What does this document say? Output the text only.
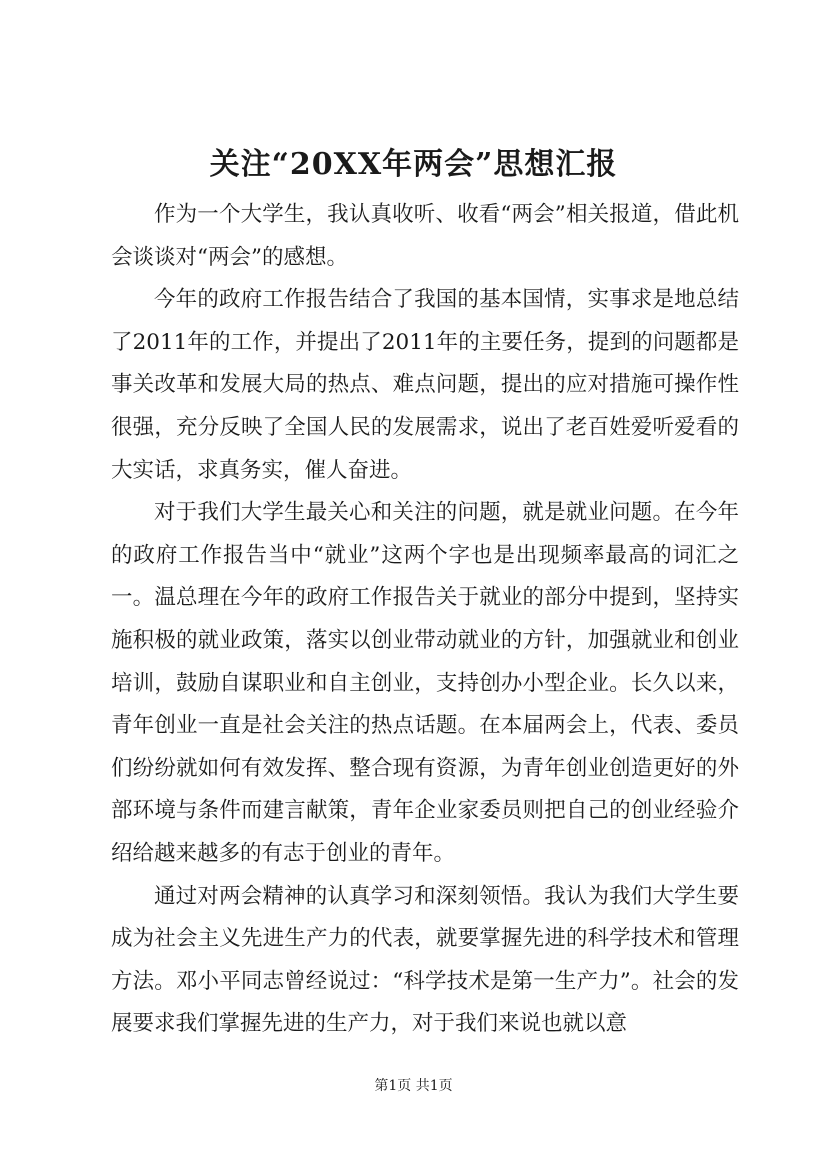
关注“20XX年两会”思想汇报

作为一个大学生，我认真收听、收看“两会”相关报道，借此机会谈谈对“两会”的感想。

今年的政府工作报告结合了我国的基本国情，实事求是地总结了2011年的工作，并提出了2011年的主要任务，提到的问题都是事关改革和发展大局的热点、难点问题，提出的应对措施可操作性很强，充分反映了全国人民的发展需求，说出了老百姓爱听爱看的大实话，求真务实，催人奋进。

对于我们大学生最关心和关注的问题，就是就业问题。在今年的政府工作报告当中“就业”这两个字也是出现频率最高的词汇之一。温总理在今年的政府工作报告关于就业的部分中提到，坚持实施积极的就业政策，落实以创业带动就业的方针，加强就业和创业培训，鼓励自谋职业和自主创业，支持创办小型企业。长久以来，青年创业一直是社会关注的热点话题。在本届两会上，代表、委员们纷纷就如何有效发挥、整合现有资源，为青年创业创造更好的外部环境与条件而建言献策，青年企业家委员则把自己的创业经验介绍给越来越多的有志于创业的青年。

通过对两会精神的认真学习和深刻领悟。我认为我们大学生要成为社会主义先进生产力的代表，就要掌握先进的科学技术和管理方法。邓小平同志曾经说过：“科学技术是第一生产力”。社会的发展要求我们掌握先进的生产力，对于我们来说也就以意

第1页 共1页
